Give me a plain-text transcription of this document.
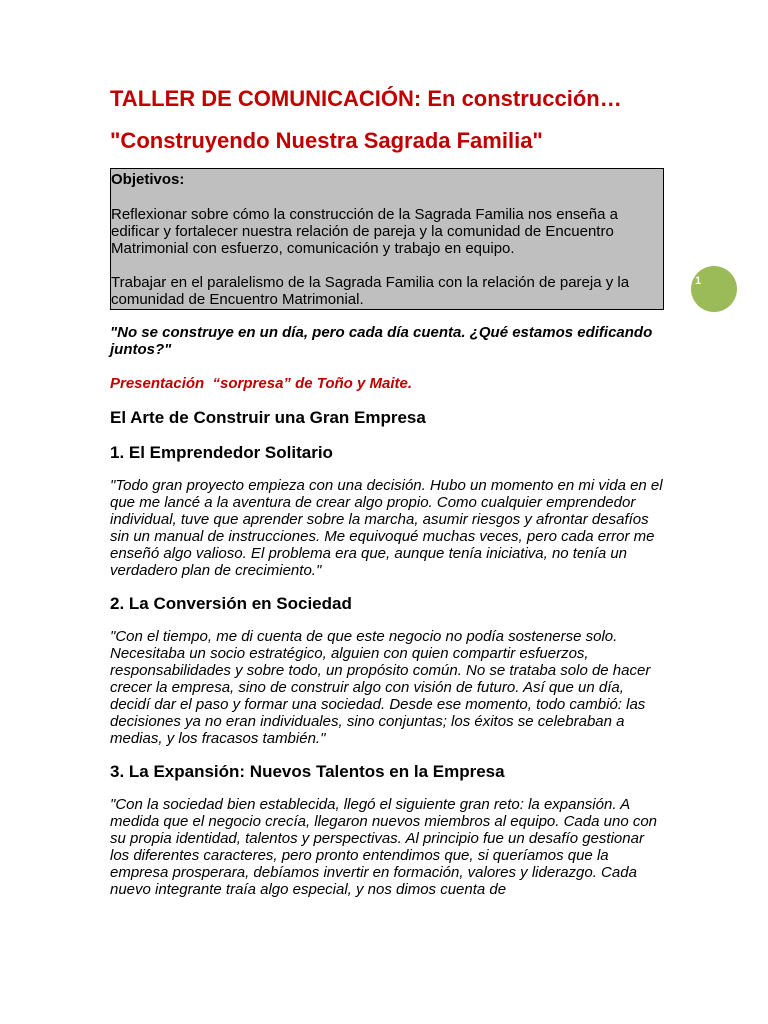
TALLER DE COMUNICACIÓN: En construcción…
"Construyendo Nuestra Sagrada Familia"
Objetivos:

Reflexionar sobre cómo la construcción de la Sagrada Familia nos enseña a edificar y fortalecer nuestra relación de pareja y la comunidad de Encuentro Matrimonial con esfuerzo, comunicación y trabajo en equipo.

Trabajar en el paralelismo de la Sagrada Familia con la relación de pareja y la comunidad de Encuentro Matrimonial.

"No se construye en un día, pero cada día cuenta. ¿Qué estamos edificando juntos?"
Presentación  “sorpresa” de Toño y Maite.
El Arte de Construir una Gran Empresa
1. El Emprendedor Solitario
"Todo gran proyecto empieza con una decisión. Hubo un momento en mi vida en el que me lancé a la aventura de crear algo propio. Como cualquier emprendedor individual, tuve que aprender sobre la marcha, asumir riesgos y afrontar desafíos sin un manual de instrucciones. Me equivoqué muchas veces, pero cada error me enseñó algo valioso. El problema era que, aunque tenía iniciativa, no tenía un verdadero plan de crecimiento."
2. La Conversión en Sociedad
"Con el tiempo, me di cuenta de que este negocio no podía sostenerse solo. Necesitaba un socio estratégico, alguien con quien compartir esfuerzos, responsabilidades y sobre todo, un propósito común. No se trataba solo de hacer crecer la empresa, sino de construir algo con visión de futuro. Así que un día, decidí dar el paso y formar una sociedad. Desde ese momento, todo cambió: las decisiones ya no eran individuales, sino conjuntas; los éxitos se celebraban a medias, y los fracasos también."
3. La Expansión: Nuevos Talentos en la Empresa
"Con la sociedad bien establecida, llegó el siguiente gran reto: la expansión. A medida que el negocio crecía, llegaron nuevos miembros al equipo. Cada uno con su propia identidad, talentos y perspectivas. Al principio fue un desafío gestionar los diferentes caracteres, pero pronto entendimos que, si queríamos que la empresa prosperara, debíamos invertir en formación, valores y liderazgo. Cada nuevo integrante traía algo especial, y nos dimos cuenta de
1
